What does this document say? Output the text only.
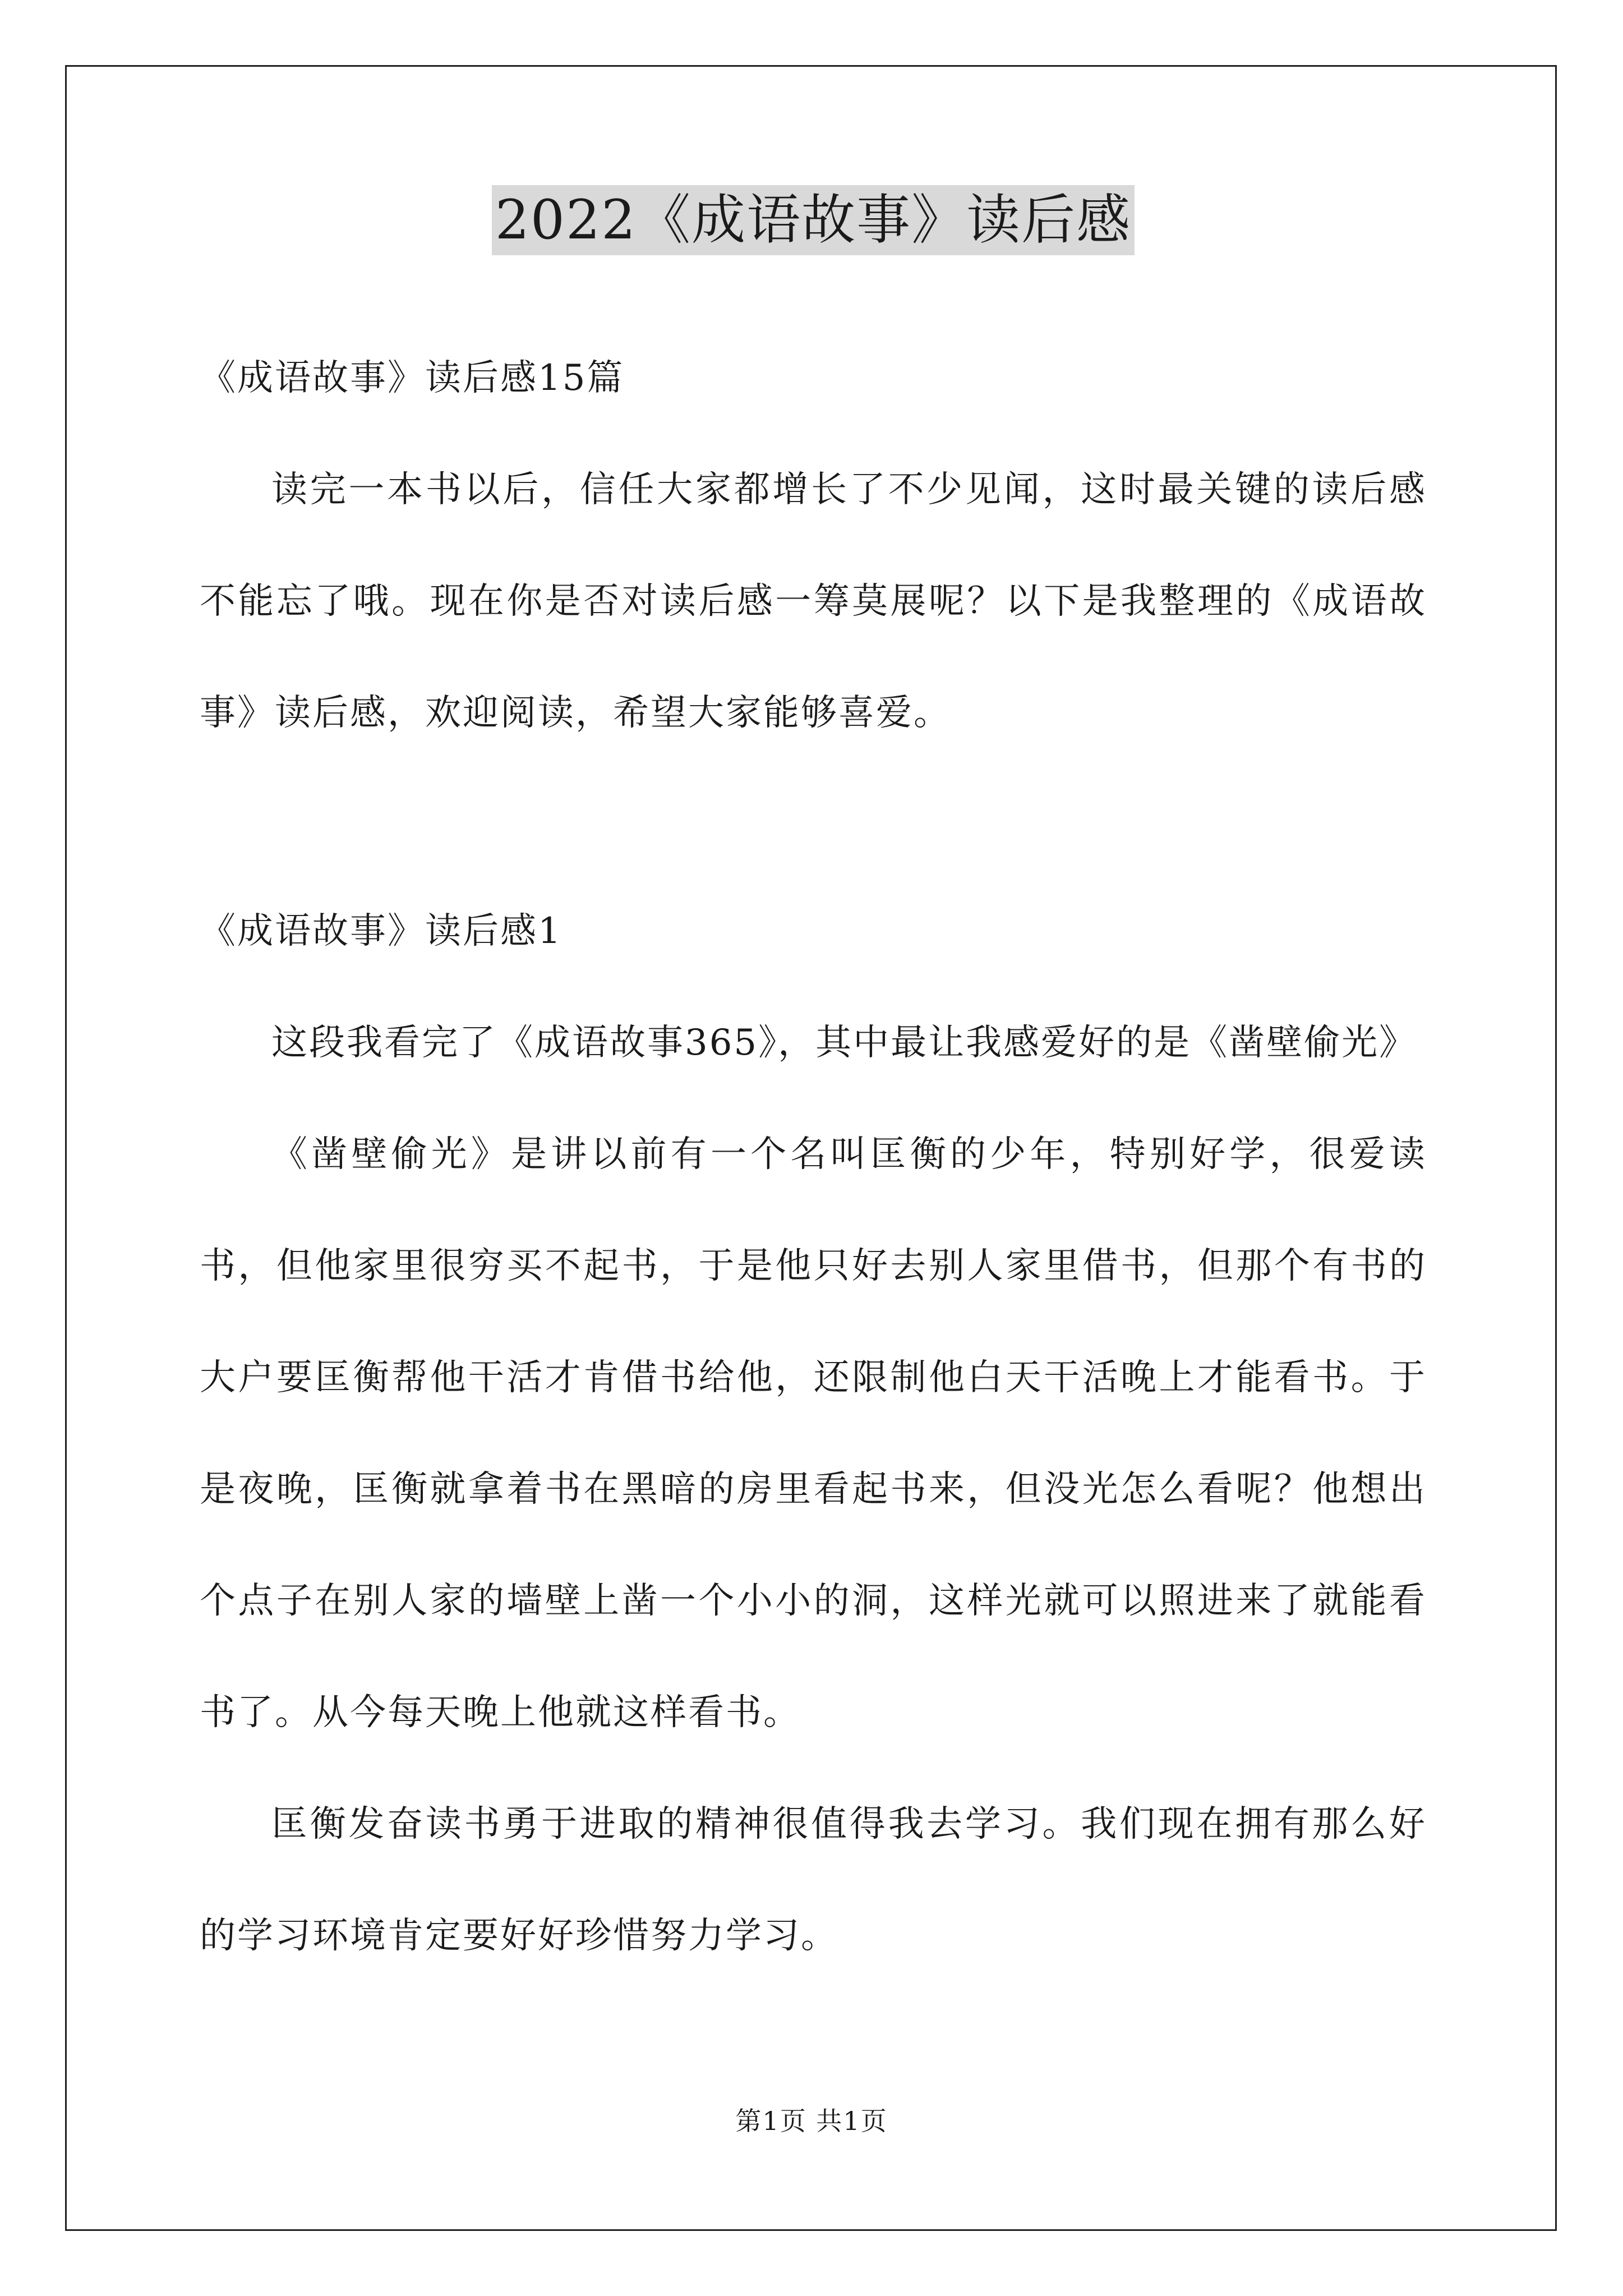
2022《成语故事》读后感

《成语故事》读后感15篇

读完一本书以后，信任大家都增长了不少见闻，这时最关键的读后感不能忘了哦。现在你是否对读后感一筹莫展呢？以下是我整理的《成语故事》读后感，欢迎阅读，希望大家能够喜爱。

《成语故事》读后感1

这段我看完了《成语故事365》，其中最让我感爱好的是《凿壁偷光》

《凿壁偷光》是讲以前有一个名叫匡衡的少年，特别好学，很爱读书，但他家里很穷买不起书，于是他只好去别人家里借书，但那个有书的大户要匡衡帮他干活才肯借书给他，还限制他白天干活晚上才能看书。于是夜晚，匡衡就拿着书在黑暗的房里看起书来，但没光怎么看呢？他想出个点子在别人家的墙壁上凿一个小小的洞，这样光就可以照进来了就能看书了。从今每天晚上他就这样看书。

匡衡发奋读书勇于进取的精神很值得我去学习。我们现在拥有那么好的学习环境肯定要好好珍惜努力学习。

第1页 共1页
